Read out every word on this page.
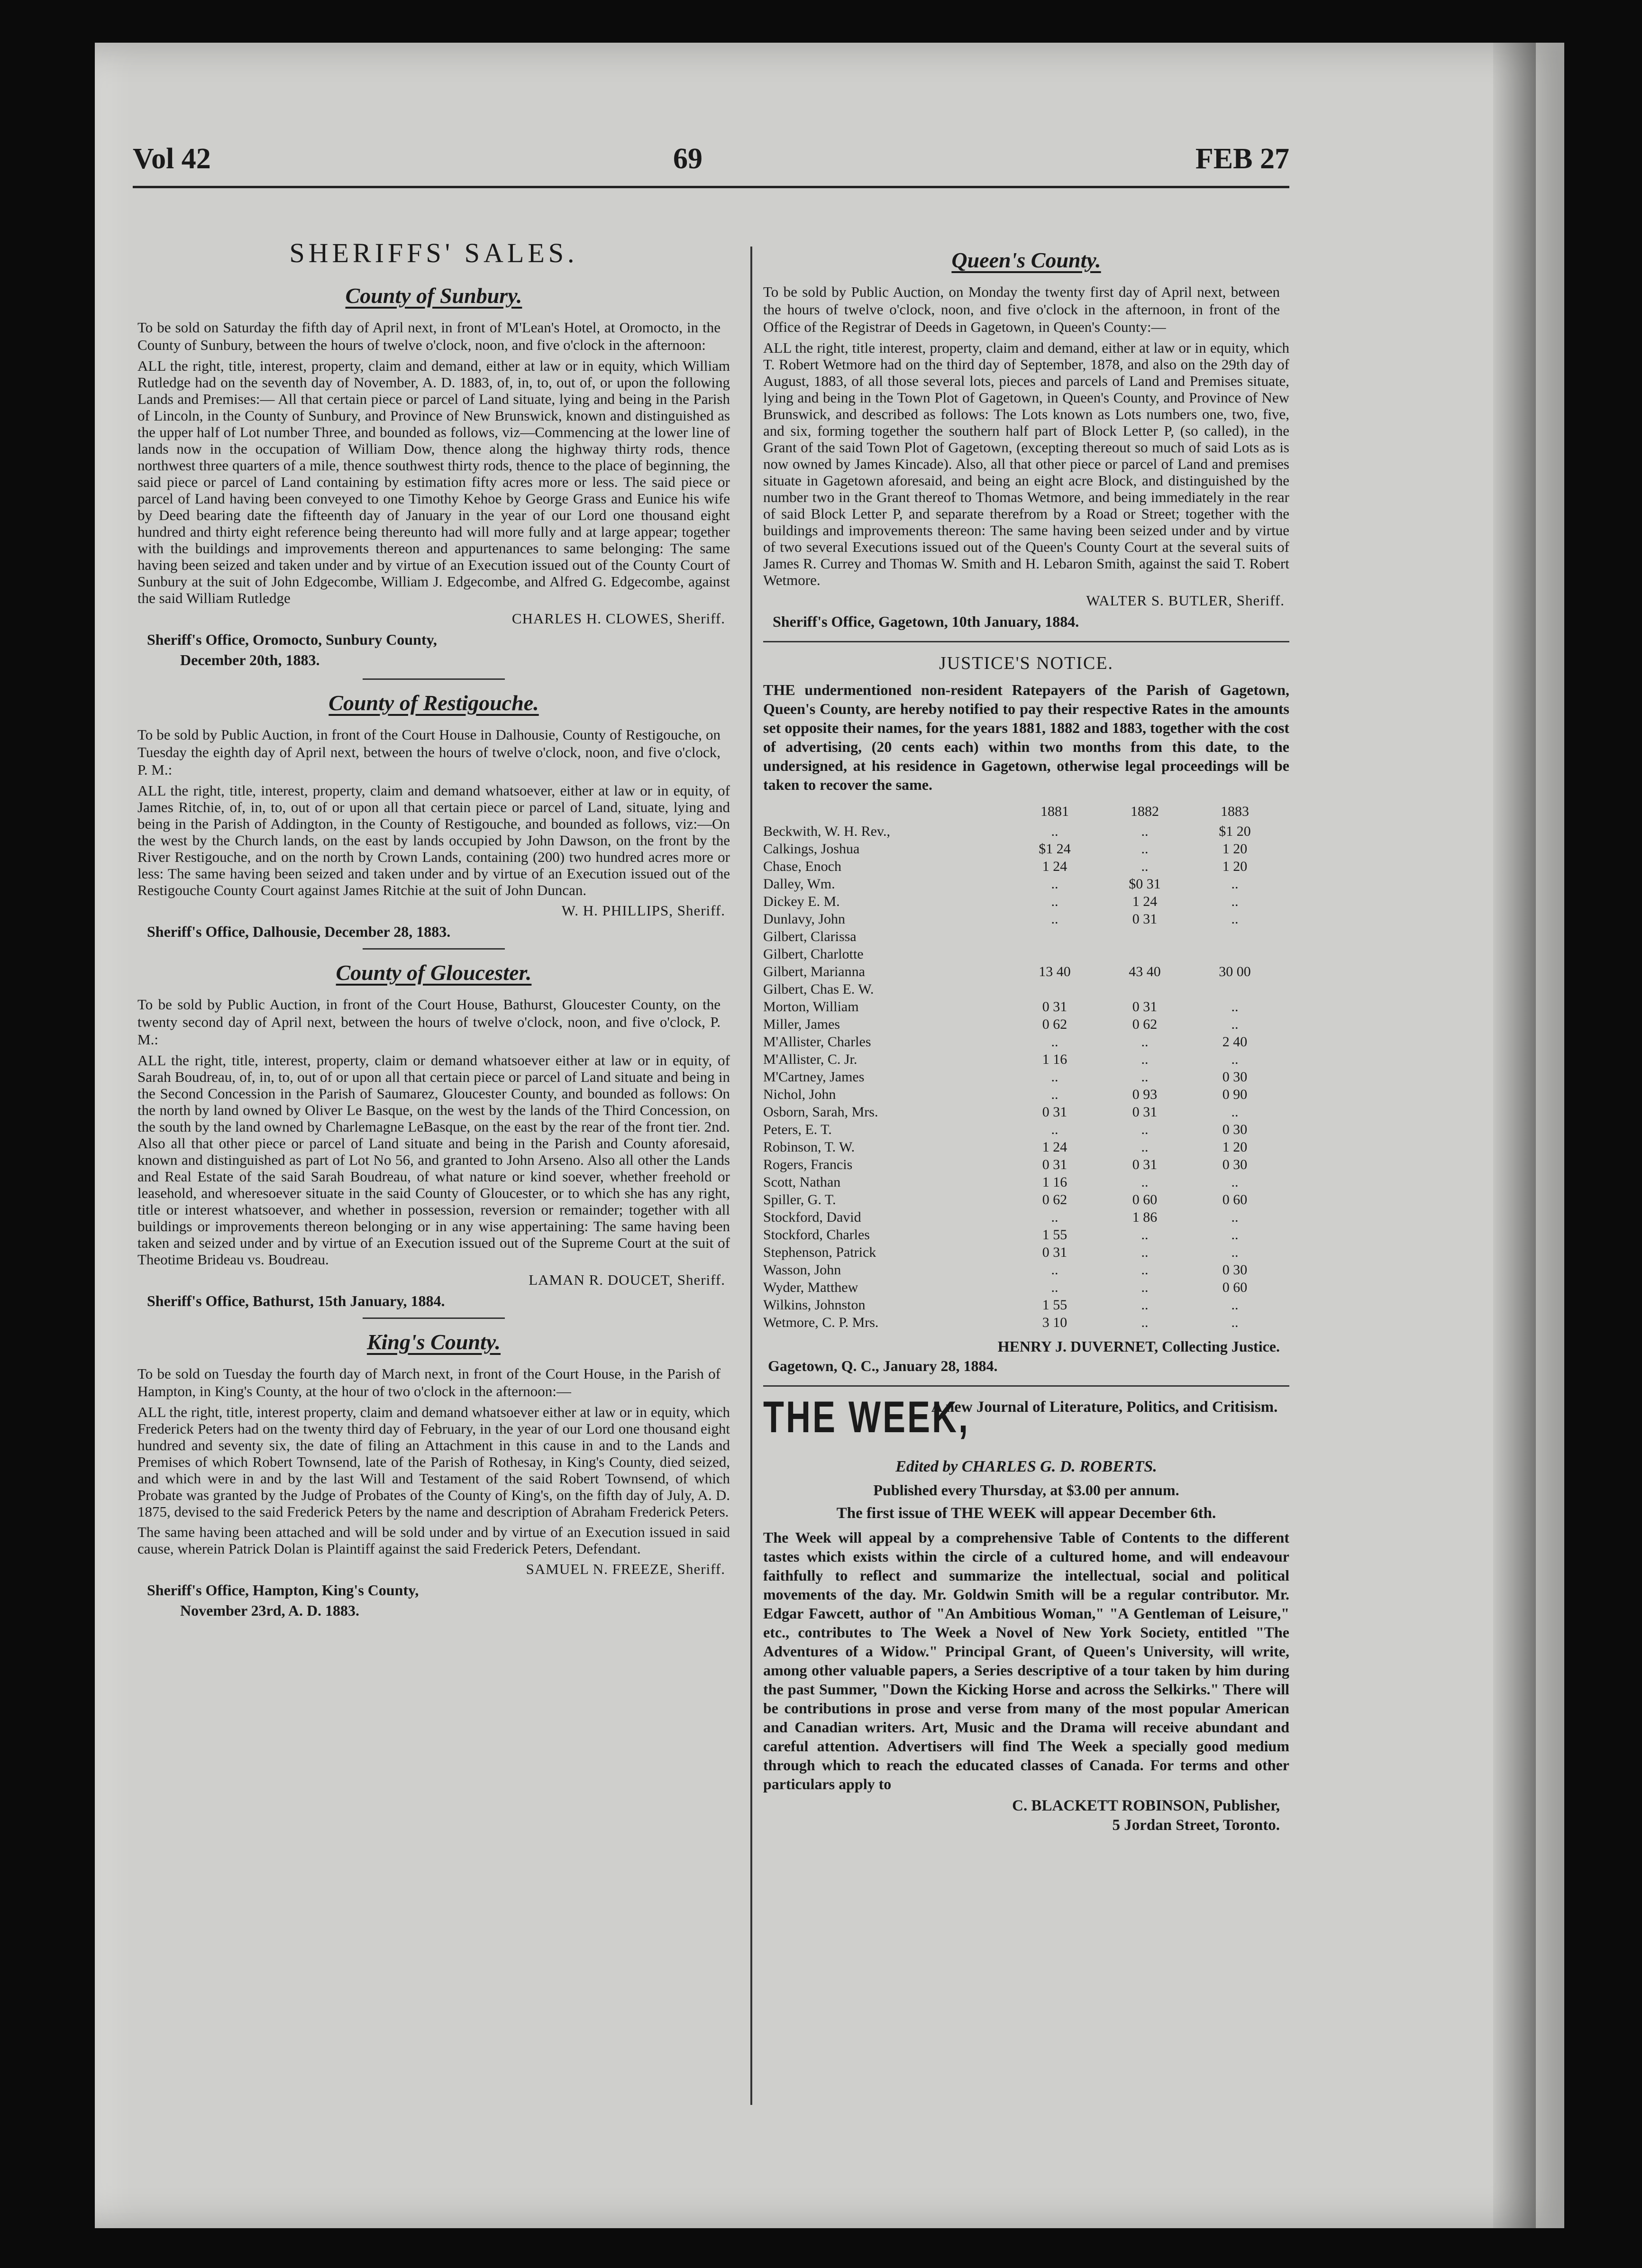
Vol 42	69	FEB 27
SHERIFFS' SALES.
County of Sunbury.

To be sold on Saturday the fifth day of April next, in front of M'Lean's Hotel, at Oromocto, in the County of Sunbury, between the hours of twelve o'clock, noon, and five o'clock in the afternoon:

ALL the right, title, interest, property, claim and demand, either at law or in equity, which William Rutledge had on the seventh day of November, A. D. 1883, of, in, to, out of, or upon the following Lands and Premises:— All that certain piece or parcel of Land situate, lying and being in the Parish of Lincoln, in the County of Sunbury, and Province of New Brunswick, known and distinguished as the upper half of Lot number Three, and bounded as follows, viz—Commencing at the lower line of lands now in the occupation of William Dow, thence along the highway thirty rods, thence northwest three quarters of a mile, thence southwest thirty rods, thence to the place of beginning, the said piece or parcel of Land containing by estimation fifty acres more or less. The said piece or parcel of Land having been conveyed to one Timothy Kehoe by George Grass and Eunice his wife by Deed bearing date the fifteenth day of January in the year of our Lord one thousand eight hundred and thirty eight reference being thereunto had will more fully and at large appear; together with the buildings and improvements thereon and appurtenances to same belonging: The same having been seized and taken under and by virtue of an Execution issued out of the County Court of Sunbury at the suit of John Edgecombe, William J. Edgecombe, and Alfred G. Edgecombe, against the said William Rutledge

CHARLES H. CLOWES, Sheriff.
Sheriff's Office, Oromocto, Sunbury County,
December 20th, 1883.
County of Restigouche.

To be sold by Public Auction, in front of the Court House in Dalhousie, County of Restigouche, on Tuesday the eighth day of April next, between the hours of twelve o'clock, noon, and five o'clock, P. M.:

ALL the right, title, interest, property, claim and demand whatsoever, either at law or in equity, of James Ritchie, of, in, to, out of or upon all that certain piece or parcel of Land, situate, lying and being in the Parish of Addington, in the County of Restigouche, and bounded as follows, viz:—On the west by the Church lands, on the east by lands occupied by John Dawson, on the front by the River Restigouche, and on the north by Crown Lands, containing (200) two hundred acres more or less: The same having been seized and taken under and by virtue of an Execution issued out of the Restigouche County Court against James Ritchie at the suit of John Duncan.

W. H. PHILLIPS, Sheriff.
Sheriff's Office, Dalhousie, December 28, 1883.
County of Gloucester.

To be sold by Public Auction, in front of the Court House, Bathurst, Gloucester County, on the twenty second day of April next, between the hours of twelve o'clock, noon, and five o'clock, P. M.:

ALL the right, title, interest, property, claim or demand whatsoever either at law or in equity, of Sarah Boudreau, of, in, to, out of or upon all that certain piece or parcel of Land situate and being in the Second Concession in the Parish of Saumarez, Gloucester County, and bounded as follows: On the north by land owned by Oliver Le Basque, on the west by the lands of the Third Concession, on the south by the land owned by Charlemagne LeBasque, on the east by the rear of the front tier. 2nd. Also all that other piece or parcel of Land situate and being in the Parish and County aforesaid, known and distinguished as part of Lot No 56, and granted to John Arseno. Also all other the Lands and Real Estate of the said Sarah Boudreau, of what nature or kind soever, whether freehold or leasehold, and wheresoever situate in the said County of Gloucester, or to which she has any right, title or interest whatsoever, and whether in possession, reversion or remainder; together with all buildings or improvements thereon belonging or in any wise appertaining: The same having been taken and seized under and by virtue of an Execution issued out of the Supreme Court at the suit of Theotime Brideau vs. Boudreau.

LAMAN R. DOUCET, Sheriff.
Sheriff's Office, Bathurst, 15th January, 1884.
King's County.

To be sold on Tuesday the fourth day of March next, in front of the Court House, in the Parish of Hampton, in King's County, at the hour of two o'clock in the afternoon:—

ALL the right, title, interest property, claim and demand whatsoever either at law or in equity, which Frederick Peters had on the twenty third day of February, in the year of our Lord one thousand eight hundred and seventy six, the date of filing an Attachment in this cause in and to the Lands and Premises of which Robert Townsend, late of the Parish of Rothesay, in King's County, died seized, and which were in and by the last Will and Testament of the said Robert Townsend, of which Probate was granted by the Judge of Probates of the County of King's, on the fifth day of July, A. D. 1875, devised to the said Frederick Peters by the name and description of Abraham Frederick Peters.

The same having been attached and will be sold under and by virtue of an Execution issued in said cause, wherein Patrick Dolan is Plaintiff against the said Frederick Peters, Defendant.

SAMUEL N. FREEZE, Sheriff.
Sheriff's Office, Hampton, King's County,
November 23rd, A. D. 1883.
Queen's County.

To be sold by Public Auction, on Monday the twenty first day of April next, between the hours of twelve o'clock, noon, and five o'clock in the afternoon, in front of the Office of the Registrar of Deeds in Gagetown, in Queen's County:—

ALL the right, title interest, property, claim and demand, either at law or in equity, which T. Robert Wetmore had on the third day of September, 1878, and also on the 29th day of August, 1883, of all those several lots, pieces and parcels of Land and Premises situate, lying and being in the Town Plot of Gagetown, in Queen's County, and Province of New Brunswick, and described as follows: The Lots known as Lots numbers one, two, five, and six, forming together the southern half part of Block Letter P, (so called), in the Grant of the said Town Plot of Gagetown, (excepting thereout so much of said Lots as is now owned by James Kincade). Also, all that other piece or parcel of Land and premises situate in Gagetown aforesaid, and being an eight acre Block, and distinguished by the number two in the Grant thereof to Thomas Wetmore, and being immediately in the rear of said Block Letter P, and separate therefrom by a Road or Street; together with the buildings and improvements thereon: The same having been seized under and by virtue of two several Executions issued out of the Queen's County Court at the several suits of James R. Currey and Thomas W. Smith and H. Lebaron Smith, against the said T. Robert Wetmore.

WALTER S. BUTLER, Sheriff.
Sheriff's Office, Gagetown, 10th January, 1884.
JUSTICE'S NOTICE.

THE undermentioned non-resident Ratepayers of the Parish of Gagetown, Queen's County, are hereby notified to pay their respective Rates in the amounts set opposite their names, for the years 1881, 1882 and 1883, together with the cost of advertising, (20 cents each) within two months from this date, to the undersigned, at his residence in Gagetown, otherwise legal proceedings will be taken to recover the same.

	1881	1882	1883
Beckwith, W. H. Rev.,	..	..	$1 20
Calkings, Joshua	$1 24	..	1 20
Chase, Enoch	1 24	..	1 20
Dalley, Wm.	..	$0 31	..
Dickey E. M.	..	1 24	..
Dunlavy, John	..	0 31	..
Gilbert, Clarissa			
Gilbert, Charlotte			
Gilbert, Marianna	13 40	43 40	30 00
Gilbert, Chas E. W.			
Morton, William	0 31	0 31	..
Miller, James	0 62	0 62	..
M'Allister, Charles	..	..	2 40
M'Allister, C. Jr.	1 16	..	..
M'Cartney, James	..	..	0 30
Nichol, John	..	0 93	0 90
Osborn, Sarah, Mrs.	0 31	0 31	..
Peters, E. T.	..	..	0 30
Robinson, T. W.	1 24	..	1 20
Rogers, Francis	0 31	0 31	0 30
Scott, Nathan	1 16	..	..
Spiller, G. T.	0 62	0 60	0 60
Stockford, David	..	1 86	..
Stockford, Charles	1 55	..	..
Stephenson, Patrick	0 31	..	..
Wasson, John	..	..	0 30
Wyder, Matthew	..	..	0 60
Wilkins, Johnston	1 55	..	..
Wetmore, C. P. Mrs.	3 10	..	..
HENRY J. DUVERNET, Collecting Justice.
Gagetown, Q. C., January 28, 1884.
THE WEEK,
A new Journal of Literature, Politics, and Critisism.
Edited by CHARLES G. D. ROBERTS.
Published every Thursday, at $3.00 per annum.
The first issue of THE WEEK will appear December 6th.

The Week will appeal by a comprehensive Table of Contents to the different tastes which exists within the circle of a cultured home, and will endeavour faithfully to reflect and summarize the intellectual, social and political movements of the day. Mr. Goldwin Smith will be a regular contributor. Mr. Edgar Fawcett, author of "An Ambitious Woman," "A Gentleman of Leisure," etc., contributes to The Week a Novel of New York Society, entitled "The Adventures of a Widow." Principal Grant, of Queen's University, will write, among other valuable papers, a Series descriptive of a tour taken by him during the past Summer, "Down the Kicking Horse and across the Selkirks." There will be contributions in prose and verse from many of the most popular American and Canadian writers. Art, Music and the Drama will receive abundant and careful attention. Advertisers will find The Week a specially good medium through which to reach the educated classes of Canada. For terms and other particulars apply to

C. BLACKETT ROBINSON, Publisher,
5 Jordan Street, Toronto.
